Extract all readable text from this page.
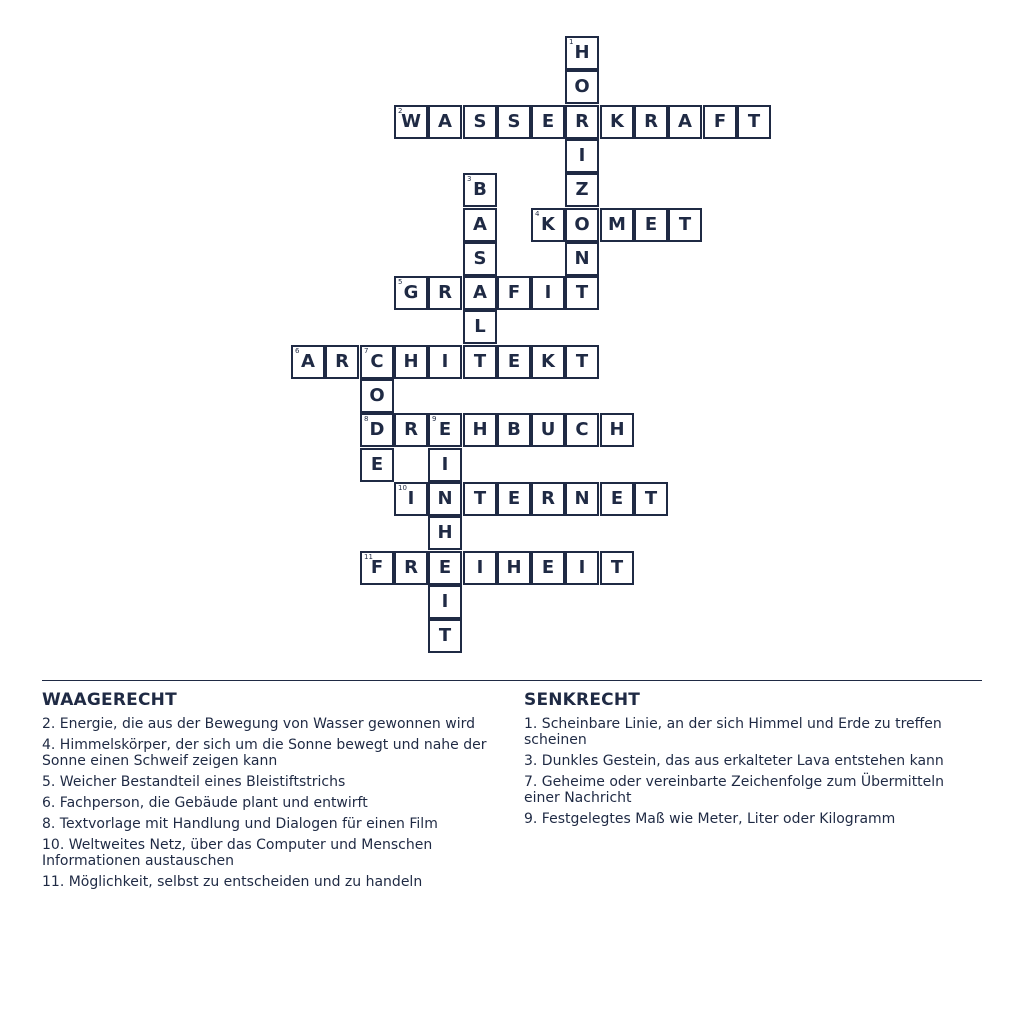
1 H
O
R
I
Z
O
N
T
2
W A S S E	K R A F T
3 B
A
S
A
L
T
4 K	M E T
5 G R	F I
6 A R 7 C H I	E K T
O
8 D
E
R 9 E H B U C H
I
N
H
E
I
T
10 I	T E R N E T
11
F R	I H E I T
WAAGERECHT

2. Energie, die aus der Bewegung von Wasser gewonnen wird

4. Himmelskörper, der sich um die Sonne bewegt und nahe der Sonne einen Schweif zeigen kann

5. Weicher Bestandteil eines Bleistiftstrichs

6. Fachperson, die Gebäude plant und entwirft

8. Textvorlage mit Handlung und Dialogen für einen Film

10. Weltweites Netz, über das Computer und Menschen Informationen austauschen

11. Möglichkeit, selbst zu entscheiden und zu handeln

SENKRECHT

1. Scheinbare Linie, an der sich Himmel und Erde zu treffen scheinen

3. Dunkles Gestein, das aus erkalteter Lava entstehen kann

7. Geheime oder vereinbarte Zeichenfolge zum Übermitteln einer Nachricht

9. Festgelegtes Maß wie Meter, Liter oder Kilogramm
